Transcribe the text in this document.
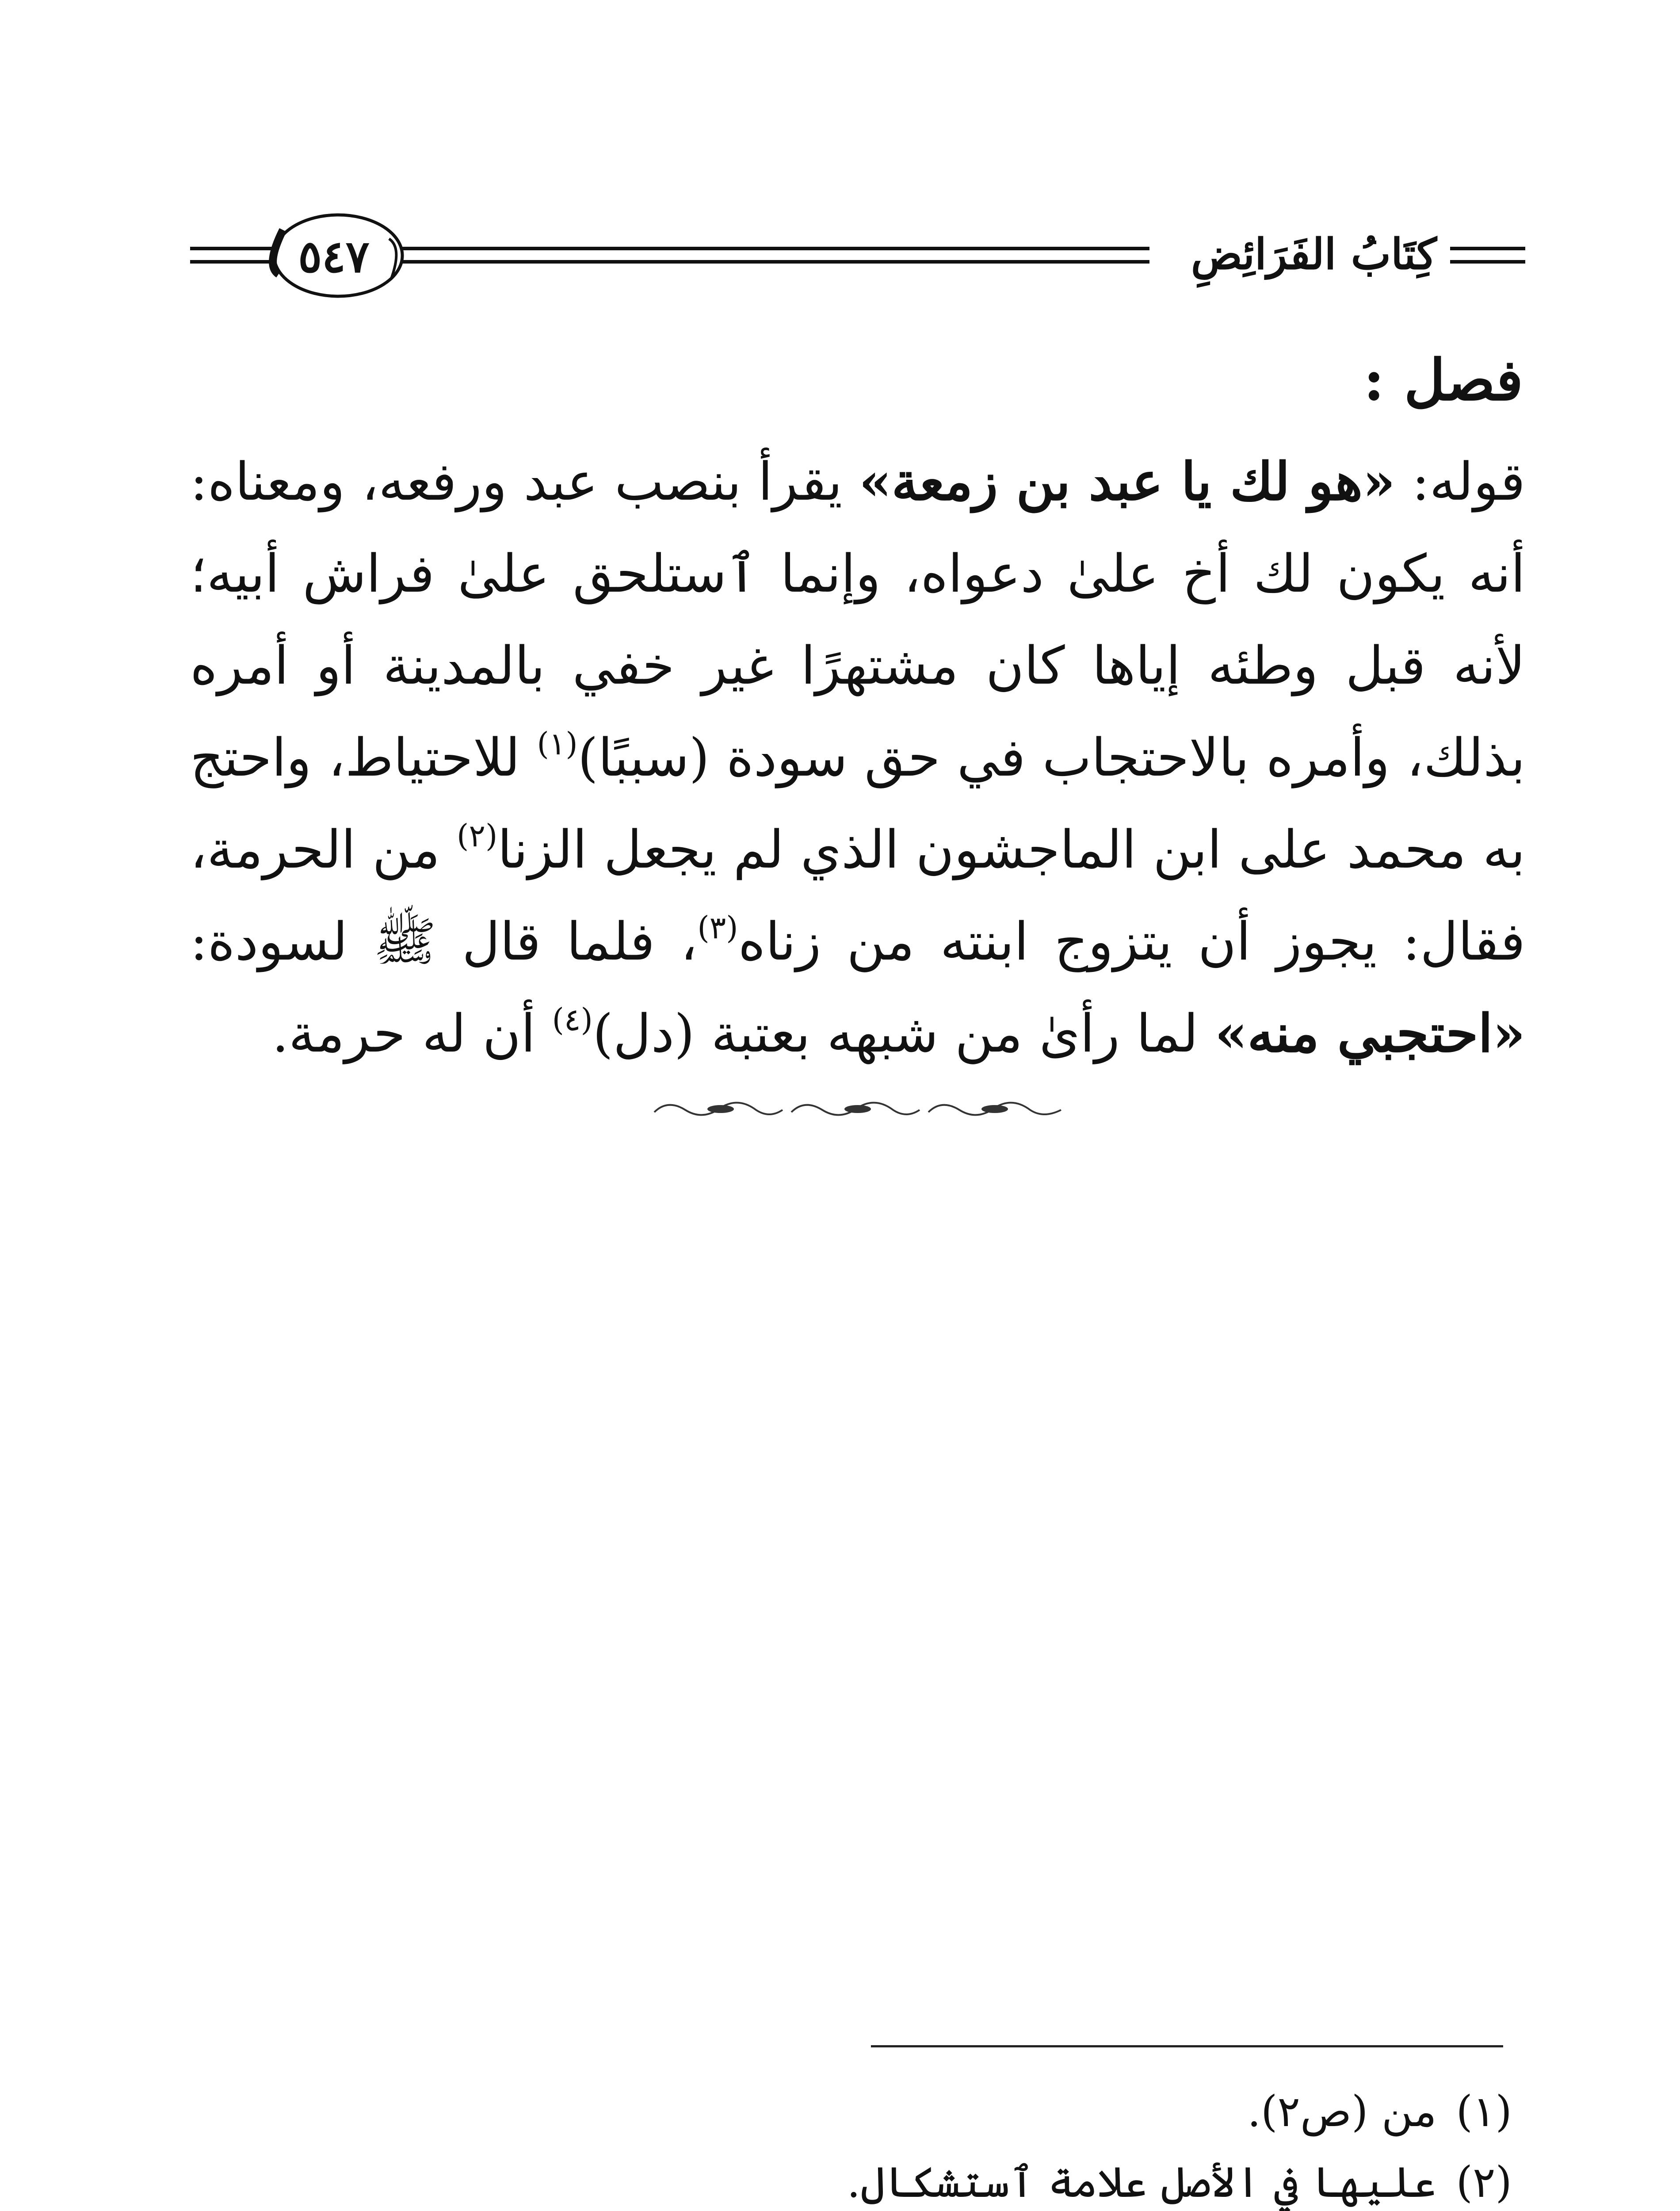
٥٤٧	كِتَابُ الفَرَائِضِ
فصل :
قوله: «هو لك يا عبد بن زمعة» يقرأ بنصب عبد ورفعه، ومعناه: أنه يكون لك أخ علىٰ دعواه، وإنما ٱستلحق علىٰ فراش أبيه؛ لأنه قبل وطئه إياها كان مشتهرًا غير خفي بالمدينة أو أمره بذلك، وأمره بالاحتجاب في حق سودة (سببًا)$^{(١)}$ للاحتياط، واحتج به محمد على ابن الماجشون الذي لم يجعل الزنا$^{(٢)}$ من الحرمة، فقال: يجوز أن يتزوج ابنته من زناه$^{(٣)}$، فلما قال ﷺ لسودة: «احتجبي منه» لما رأىٰ من شبهه بعتبة (دل)$^{(٤)}$ أن له حرمة.
(١) من (ص٢).
(٢) عليها في الأصل علامة ٱستشكال.
